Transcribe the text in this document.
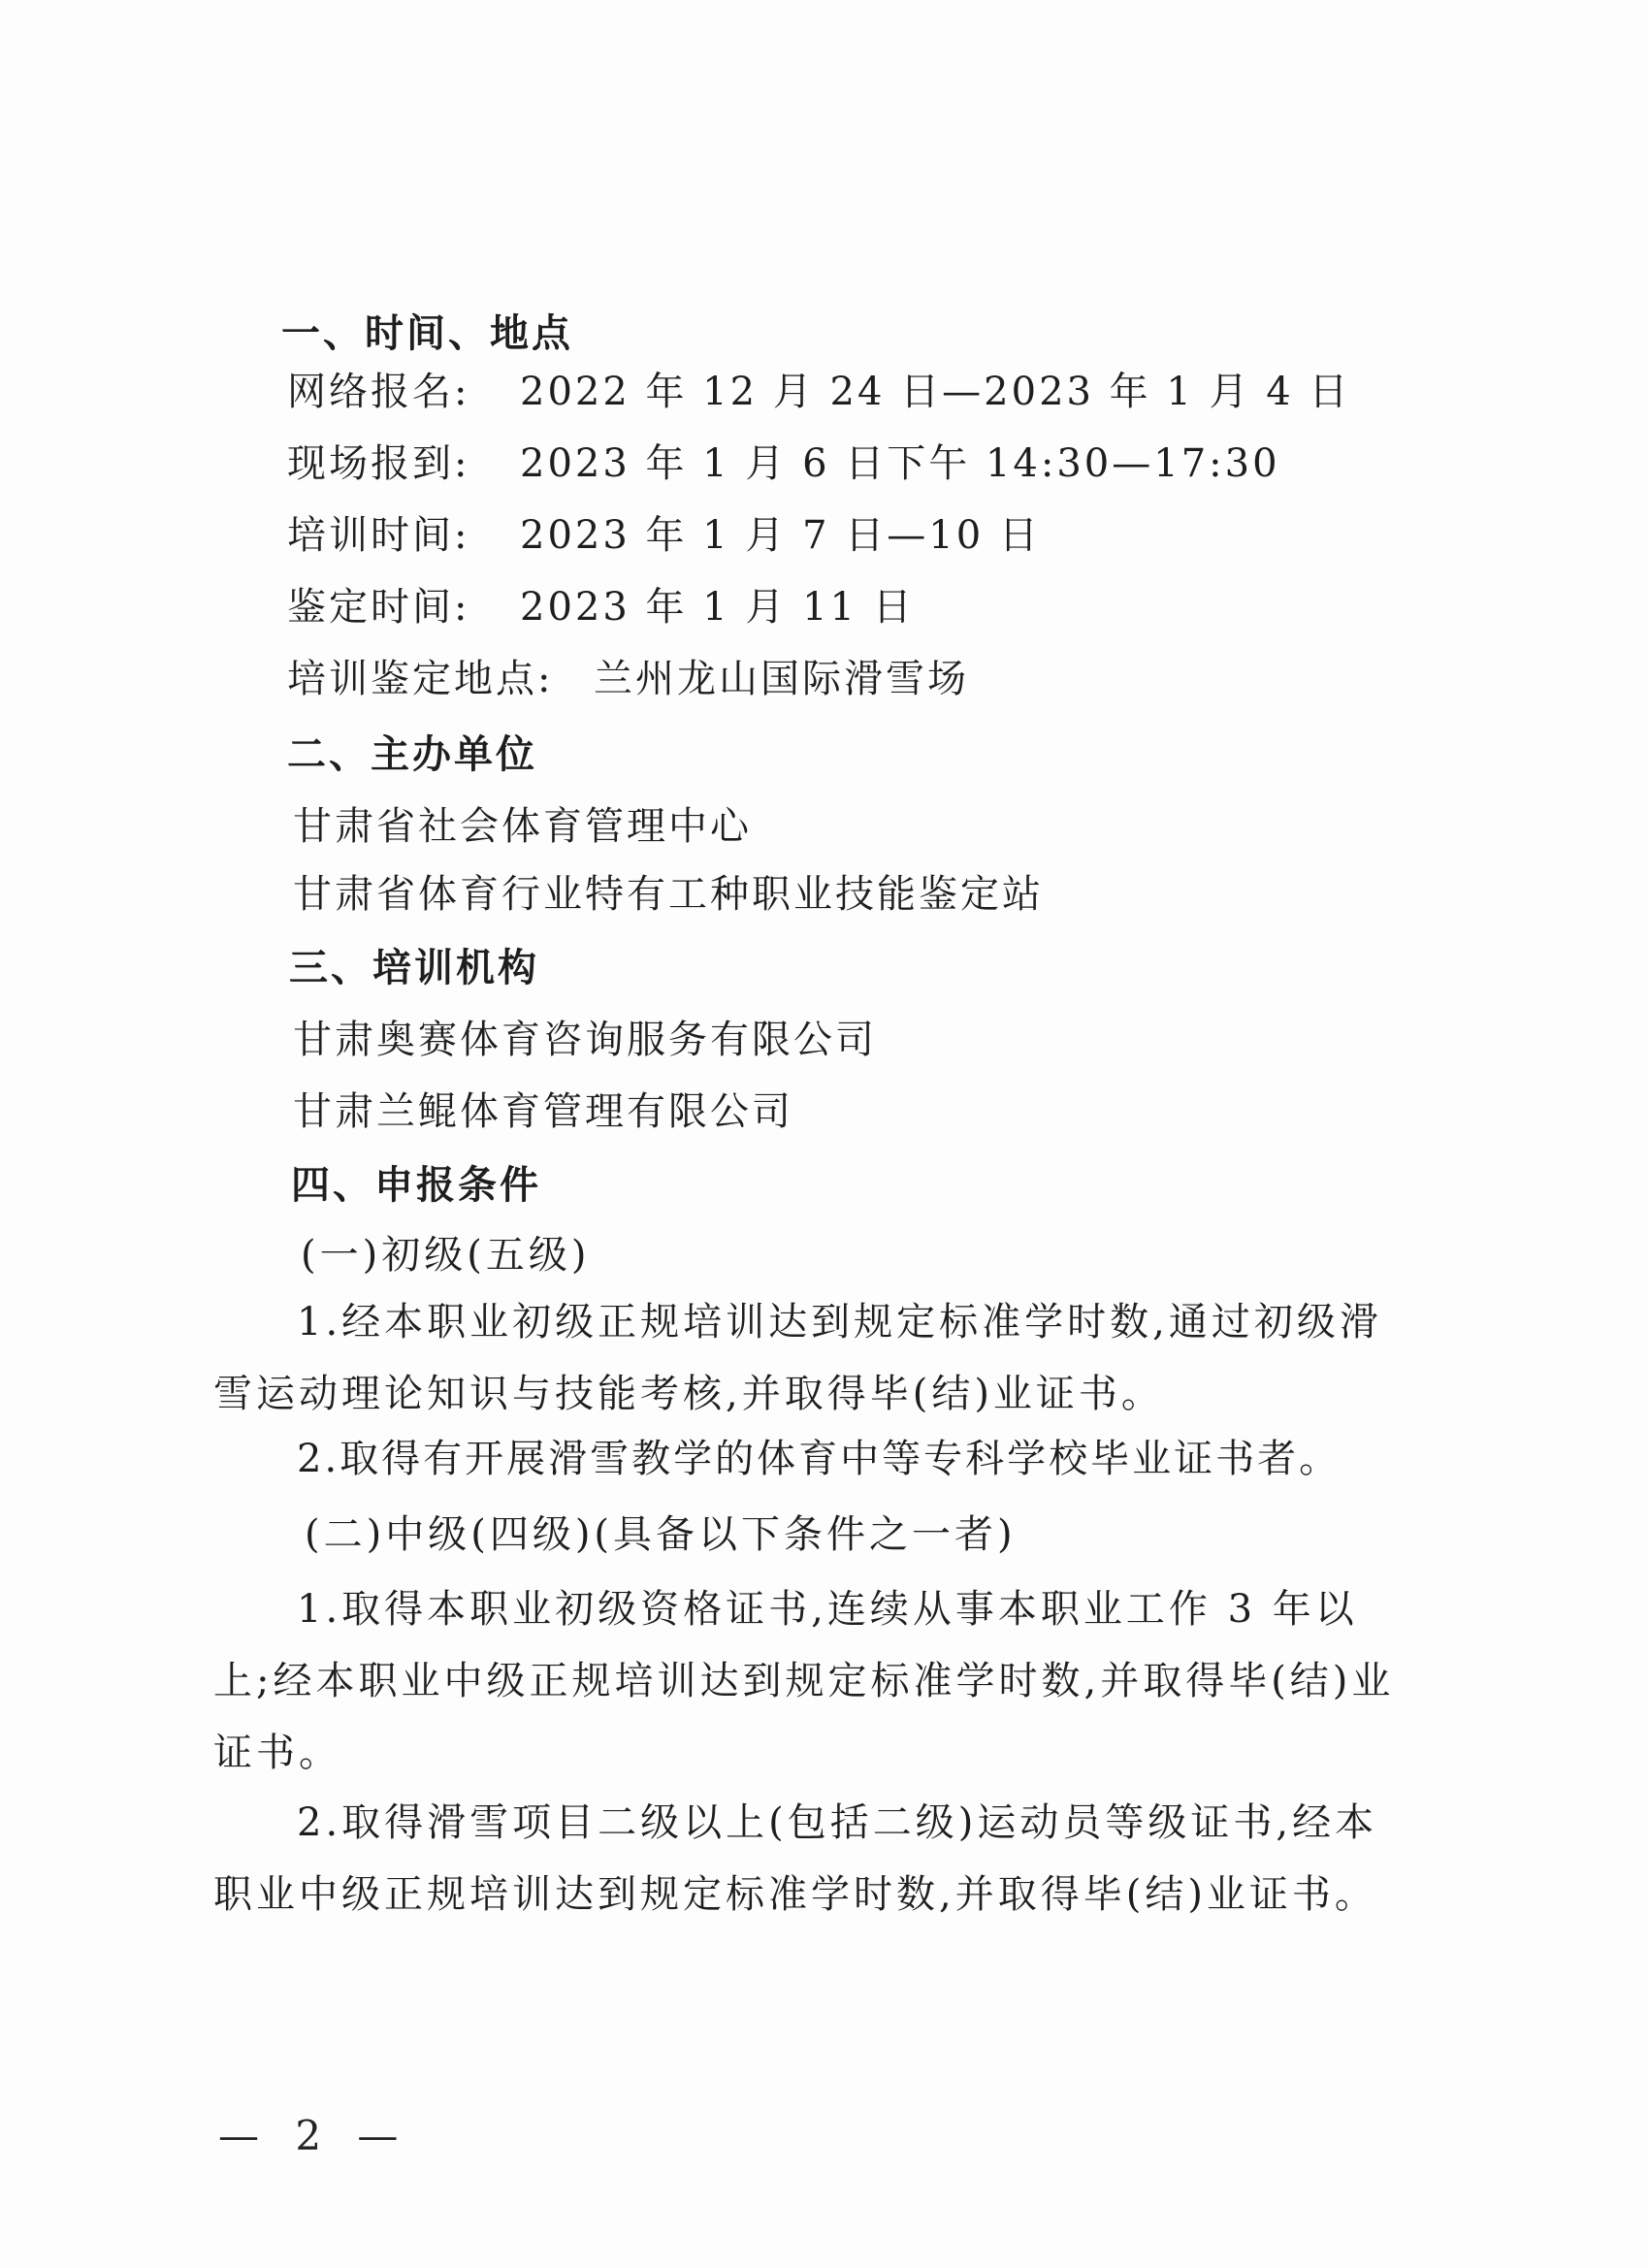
一、时间、地点
网络报名: 2022 年 12 月 24 日—2023 年 1 月 4 日
现场报到: 2023 年 1 月 6 日下午 14:30—17:30
培训时间: 2023 年 1 月 7 日—10 日
鉴定时间: 2023 年 1 月 11 日
培训鉴定地点: 兰州龙山国际滑雪场
二、主办单位
甘肃省社会体育管理中心
甘肃省体育行业特有工种职业技能鉴定站
三、培训机构
甘肃奥赛体育咨询服务有限公司
甘肃兰鲲体育管理有限公司
四、申报条件
(一)初级(五级)

1.经本职业初级正规培训达到规定标准学时数,通过初级滑雪运动理论知识与技能考核,并取得毕(结)业证书。

2.取得有开展滑雪教学的体育中等专科学校毕业证书者。
(二)中级(四级)(具备以下条件之一者)

1.取得本职业初级资格证书,连续从事本职业工作 3 年以上;经本职业中级正规培训达到规定标准学时数,并取得毕(结)业证书。

2.取得滑雪项目二级以上(包括二级)运动员等级证书,经本职业中级正规培训达到规定标准学时数,并取得毕(结)业证书。

— 2 —
